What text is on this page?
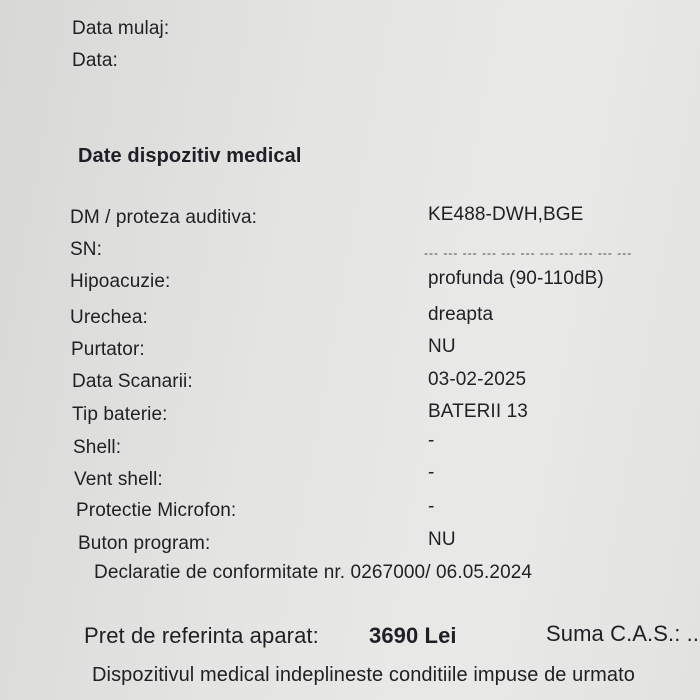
Data mulaj:
Data:
Date dispozitiv medical
DM / proteza auditiva:	KE488-DWH,BGE
SN:	--- --- --- --- --- --- --- --- --- --- ---
Hipoacuzie:	profunda (90-110dB)
Urechea:	dreapta
Purtator:	NU
Data Scanarii:	03-02-2025
Tip baterie:	BATERII 13
Shell:	-
Vent shell:	-
Protectie Microfon:	-
Buton program:	NU
Declaratie de conformitate nr. 0267000/ 06.05.2024
Pret de referinta aparat: 3690 Lei	Suma C.A.S.: ..
Dispozitivul medical indeplineste conditiile impuse de urmato
